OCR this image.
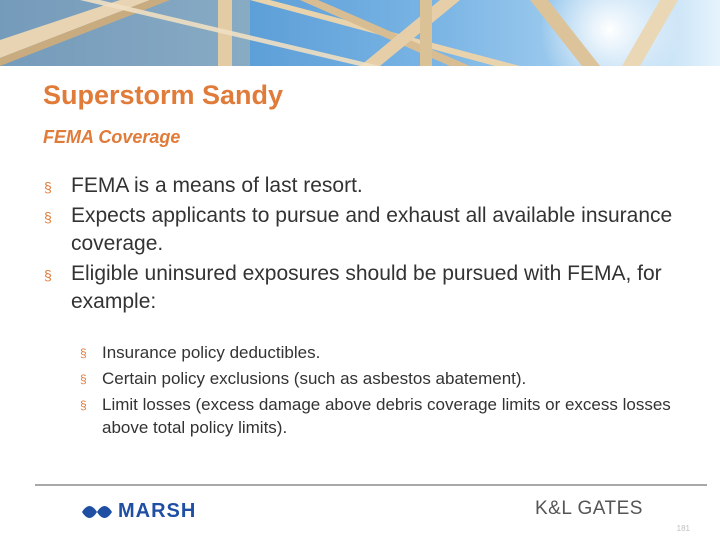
Superstorm Sandy
FEMA Coverage
§ FEMA is a means of last resort.
§ Expects applicants to pursue and exhaust all available insurance coverage.
§ Eligible uninsured exposures should be pursued with FEMA, for example:
§ Insurance policy deductibles.
§ Certain policy exclusions (such as asbestos abatement).
§ Limit losses (excess damage above debris coverage limits or excess losses above total policy limits).
MARSH	K&L GATES
181
